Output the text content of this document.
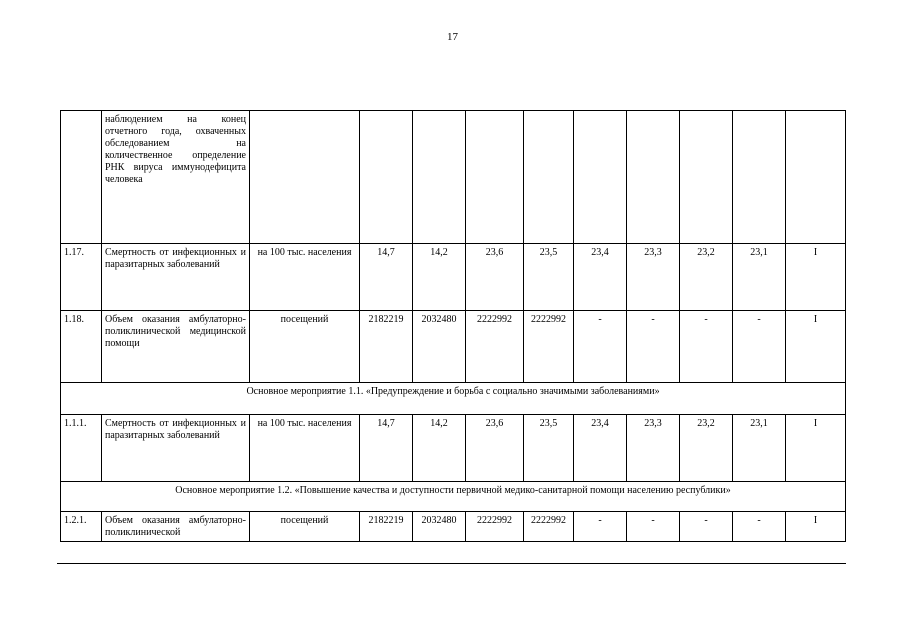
17
	наблюдением на конец отчетного года, охваченных обследованием на количественное определение РНК вируса иммунодефицита человека										
1.17.	Смертность от инфекционных и паразитарных заболеваний	на 100 тыс. населения	14,7	14,2	23,6	23,5	23,4	23,3	23,2	23,1	I
1.18.	Объем оказания амбулаторно-поликлинической медицинской помощи	посещений	2182219	2032480	2222992	2222992	-	-	-	-	I
Основное мероприятие 1.1. «Предупреждение и борьба с социально значимыми заболеваниями»											
1.1.1.	Смертность от инфекционных и паразитарных заболеваний	на 100 тыс. населения	14,7	14,2	23,6	23,5	23,4	23,3	23,2	23,1	I
Основное мероприятие 1.2. «Повышение качества и доступности первичной медико-санитарной помощи населению республики»											
1.2.1.	Объем оказания амбулаторно-поликлинической	посещений	2182219	2032480	2222992	2222992	-	-	-	-	I
